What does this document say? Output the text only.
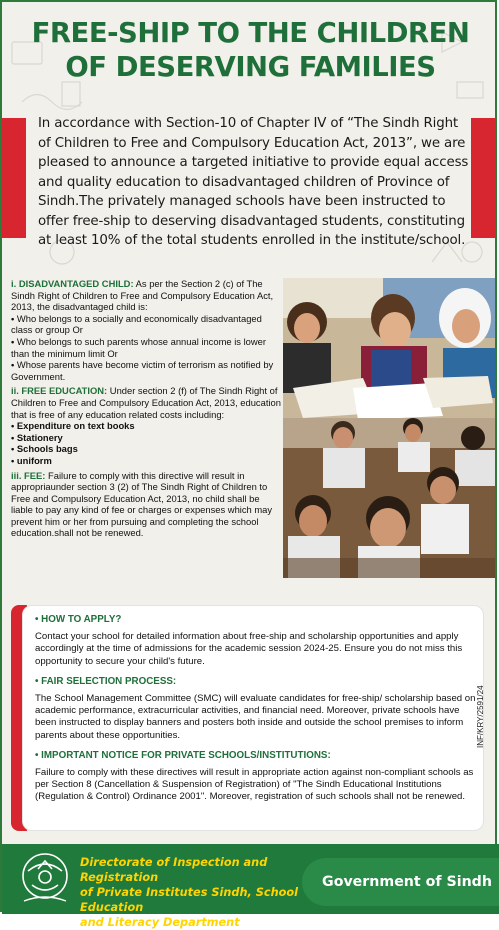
FREE-SHIP TO THE CHILDREN
OF DESERVING FAMILIES
In accordance with Section-10 of Chapter IV of “The Sindh Right of Children to Free and Compulsory Education Act, 2013”, we are pleased to announce a targeted initiative to provide equal access and quality education to disadvantaged children of Province of Sindh.The privately managed schools have been instructed to offer free-ship to deserving disadvantaged students, constituting at least 10% of the total students enrolled in the institute/school.

i. DISADVANTAGED CHILD: As per the Section 2 (c) of The Sindh Right of Children to Free and Compulsory Education Act, 2013, the disadvantaged child is:

• Who belongs to a socially and economically disadvantaged class or group Or
• Who belongs to such parents whose annual income is lower than the minimum limit Or
• Whose parents have become victim of terrorism as notified by Government.

ii. FREE EDUCATION: Under section 2 (f) of The Sindh Right of Children to Free and Compulsory Education Act, 2013, education that is free of any education related costs including:

• Expenditure on text books
• Stationery
• Schools bags
• uniform

iii. FEE: Failure to comply with this directive will result in appropriaunder section 3 (2) of The Sindh Right of Children to Free and Compulsory Education Act, 2013, no child shall be liable to pay any kind of fee or charges or expenses which may prevent him or her from pursuing and completing the school education.shall not be renewed.

• HOW TO APPLY?
Contact your school for detailed information about free-ship and scholarship opportunities and apply accordingly at the time of admissions for the academic session 2024-25. Ensure you do not miss this opportunity to secure your child's future.
• FAIR SELECTION PROCESS:
The School Management Committee (SMC) will evaluate candidates for free-ship/ scholarship based on academic performance, extracurricular activities, and financial need. Moreover, private schools have been instructed to display banners and posters both inside and outside the school premises to inform parents about these opportunities.
• IMPORTANT NOTICE FOR PRIVATE SCHOOLS/INSTITUTIONS:
Failure to comply with these directives will result in appropriate action against non-compliant schools as per Section 8 (Cancellation & Suspension of Registration) of "The Sindh Educational Institutions (Regulation & Control) Ordinance 2001". Moreover, registration of such schools shall not be renewed.
INF/KRY/2591/24
Directorate of Inspection and Registration
of Private Institutes Sindh, School Education
and Literacy Department
Government of Sindh
